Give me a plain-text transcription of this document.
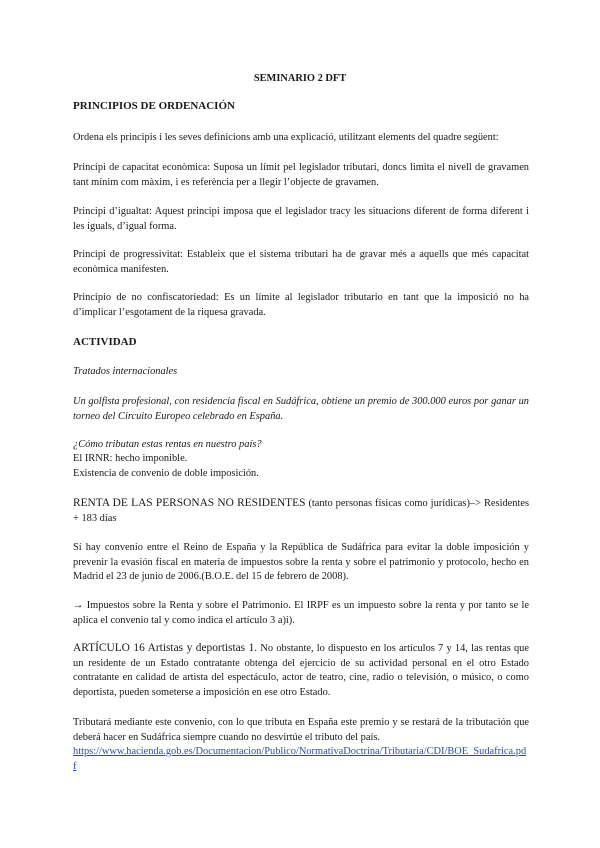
SEMINARIO 2 DFT

PRINCIPIOS DE ORDENACIÓN

Ordena els principis i les seves definicions amb una explicació, utilitzant elements del quadre següent:

Principi de capacitat econòmica: Suposa un límit pel legislador tributari, doncs limita el nivell de gravamen tant mínim com màxim, i es referència per a llegir l’objecte de gravamen.

Principi d’igualtat: Aquest principi imposa que el legislador tracy les situacions diferent de forma diferent i les iguals, d’igual forma.

Principi de progressivitat: Estableix que el sistema tributari ha de gravar més a aquells que més capacitat econòmica manifesten.

Principio de no confiscatoriedad: Es un límite al legislador tributario en tant que la imposició no ha d’implicar l’esgotament de la riquesa gravada.

ACTIVIDAD

Tratados internacionales

Un golfista profesional, con residencia fiscal en Sudáfrica, obtiene un premio de 300.000 euros por ganar un torneo del Circuito Europeo celebrado en España.

¿Cómo tributan estas rentas en nuestro país?

El IRNR: hecho imponible.

Existencia de convenio de doble imposición.

RENTA DE LAS PERSONAS NO RESIDENTES (tanto personas físicas como jurídicas)–> Residentes + 183 días

Sí hay convenio entre el Reino de España y la República de Sudáfrica para evitar la doble imposición y prevenir la evasión fiscal en materia de impuestos sobre la renta y sobre el patrimonio y protocolo, hecho en Madrid el 23 de junio de 2006.(B.O.E. del 15 de febrero de 2008).

→ Impuestos sobre la Renta y sobre el Patrimonio. El IRPF es un impuesto sobre la renta y por tanto se le aplica el convenio tal y como indica el artículo 3 a)i).

ARTÍCULO 16 Artistas y deportistas 1. No obstante, lo dispuesto en los artículos 7 y 14, las rentas que un residente de un Estado contratante obtenga del ejercicio de su actividad personal en el otro Estado contratante en calidad de artista del espectáculo, actor de teatro, cine, radio o televisión, o músico, o como deportista, pueden someterse a imposición en ese otro Estado.

Tributará mediante este convenio, con lo que tributa en España este premio y se restará de la tributación que deberá hacer en Sudáfrica siempre cuando no desvirtúe el tributo del país.

https://www.hacienda.gob.es/Documentacion/Publico/NormativaDoctrina/Tributaria/CDI/BOE_Sudafrica.pdf
